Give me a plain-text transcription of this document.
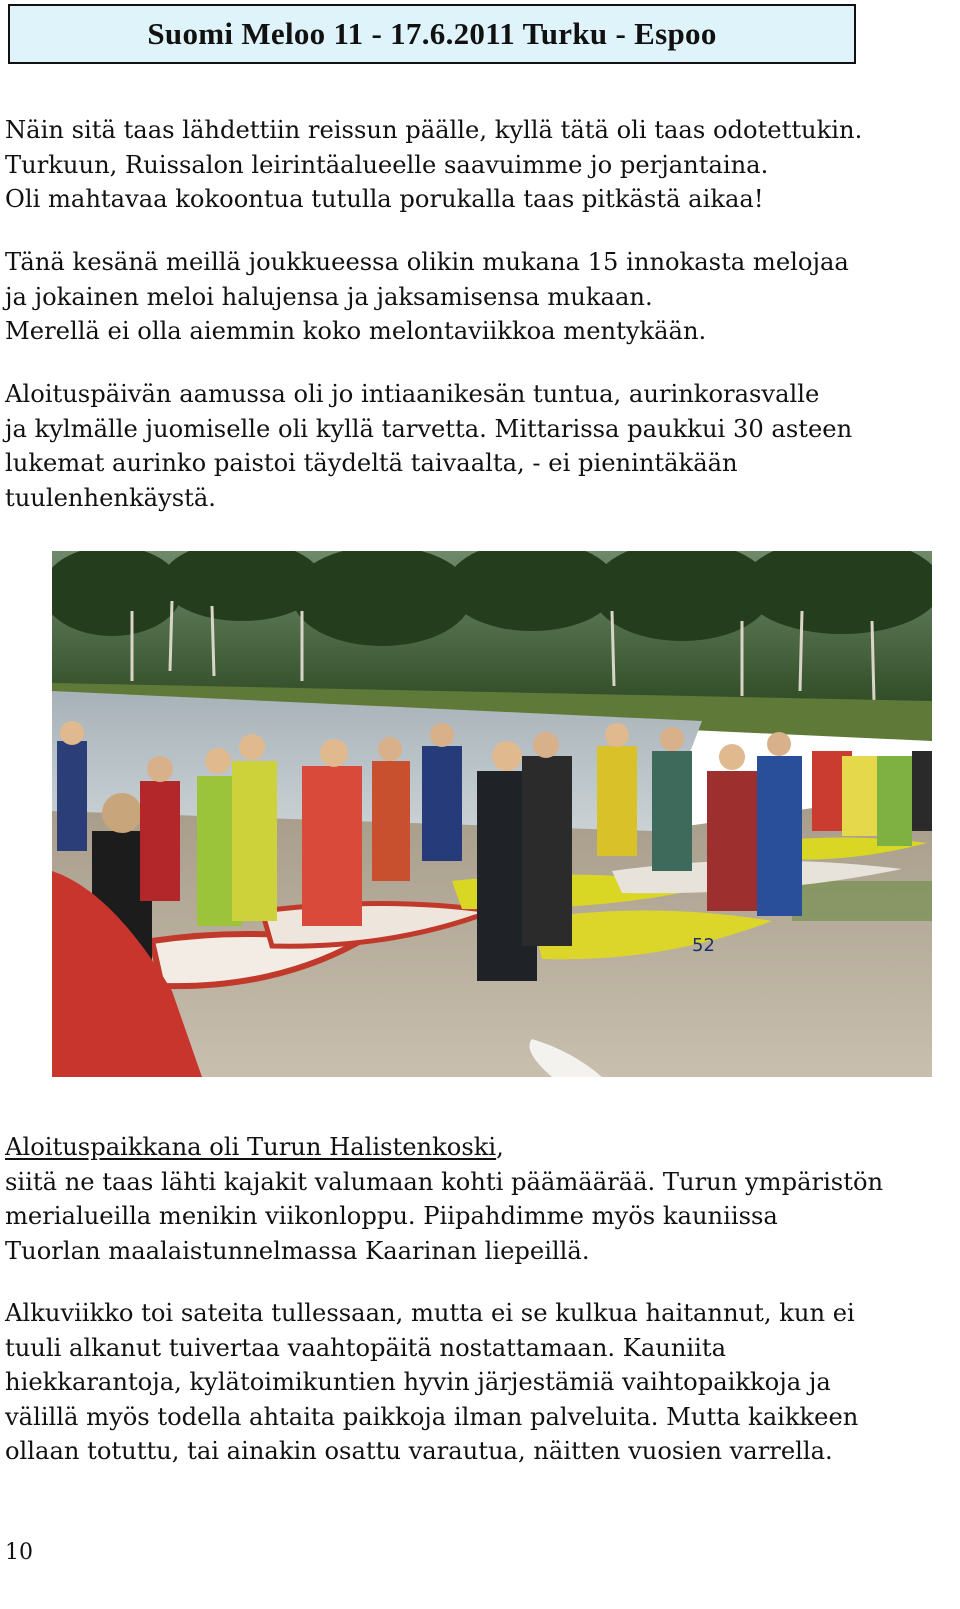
Suomi Meloo 11 - 17.6.2011 Turku - Espoo

Näin sitä taas lähdettiin reissun päälle, kyllä tätä oli taas odotettukin.

Turkuun, Ruissalon leirintäalueelle saavuimme jo perjantaina.

Oli mahtavaa kokoontua tutulla porukalla taas pitkästä aikaa!

Tänä kesänä meillä joukkueessa olikin mukana 15 innokasta melojaa

ja jokainen meloi halujensa ja jaksamisensa mukaan.

Merellä ei olla aiemmin koko melontaviikkoa mentykään.

Aloituspäivän aamussa oli jo intiaanikesän tuntua, aurinkorasvalle

ja kylmälle juomiselle oli kyllä tarvetta. Mittarissa paukkui 30 asteen

lukemat aurinko paistoi täydeltä taivaalta, - ei pienintäkään

tuulenhenkäystä.

52

Aloituspaikkana oli Turun Halistenkoski,

siitä ne taas lähti kajakit valumaan kohti päämäärää. Turun ympäristön

merialueilla menikin viikonloppu. Piipahdimme myös kauniissa

Tuorlan maalaistunnelmassa Kaarinan liepeillä.

Alkuviikko toi sateita tullessaan, mutta ei se kulkua haitannut, kun ei

tuuli alkanut tuivertaa vaahtopäitä nostattamaan. Kauniita

hiekkarantoja, kylätoimikuntien hyvin järjestämiä vaihtopaikkoja ja

välillä myös todella ahtaita paikkoja ilman palveluita. Mutta kaikkeen

ollaan totuttu, tai ainakin osattu varautua, näitten vuosien varrella.

10
